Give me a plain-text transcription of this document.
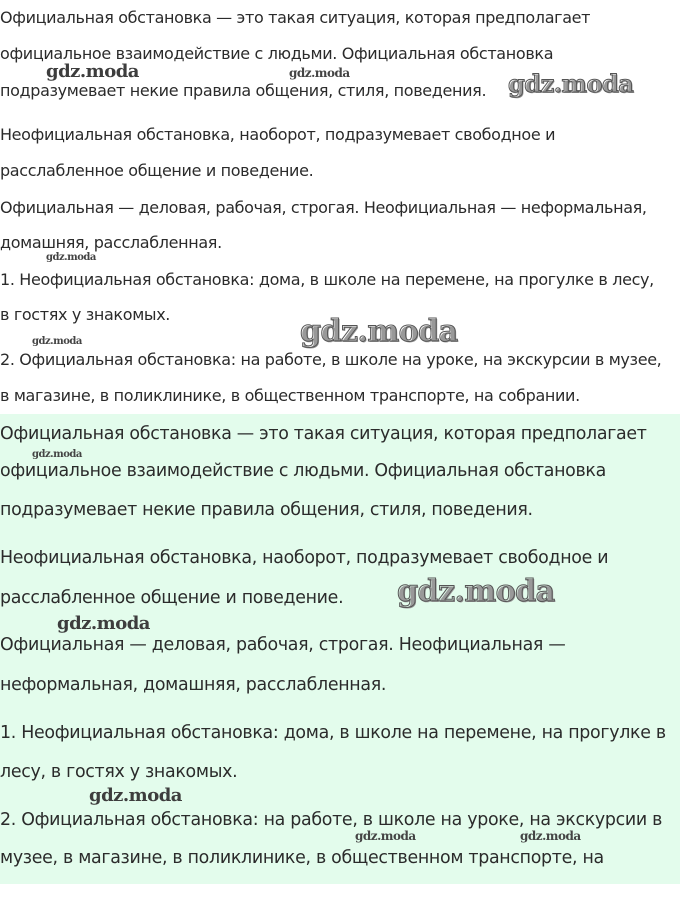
Официальная обстановка — это такая ситуация, которая предполагает
официальное взаимодействие с людьми. Официальная обстановка
подразумевает некие правила общения, стиля, поведения.
Неофициальная обстановка, наоборот, подразумевает свободное и
расслабленное общение и поведение.
Официальная — деловая, рабочая, строгая. Неофициальная — неформальная,
домашняя, расслабленная.
1. Неофициальная обстановка: дома, в школе на перемене, на прогулке в лесу,
в гостях у знакомых.
2. Официальная обстановка: на работе, в школе на уроке, на экскурсии в музее,
в магазине, в поликлинике, в общественном транспорте, на собрании.
Официальная обстановка — это такая ситуация, которая предполагает
официальное взаимодействие с людьми. Официальная обстановка
подразумевает некие правила общения, стиля, поведения.
Неофициальная обстановка, наоборот, подразумевает свободное и
расслабленное общение и поведение.
Официальная — деловая, рабочая, строгая. Неофициальная —
неформальная, домашняя, расслабленная.
1. Неофициальная обстановка: дома, в школе на перемене, на прогулке в
лесу, в гостях у знакомых.
2. Официальная обстановка: на работе, в школе на уроке, на экскурсии в
музее, в магазине, в поликлинике, в общественном транспорте, на
gdz.moda	gdz.moda	gdz.moda
gdz.moda
gdz.moda	gdz.moda
gdz.moda
gdz.moda
gdz.moda
gdz.moda
gdz.moda	gdz.moda
